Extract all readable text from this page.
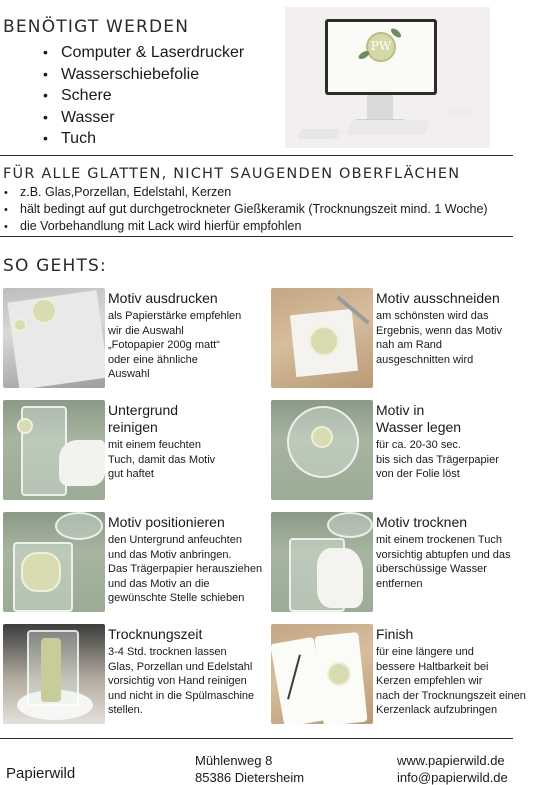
BENÖTIGT WERDEN
• Computer & Laserdrucker
• Wasserschiebefolie
• Schere
• Wasser
• Tuch
PW
FÜR ALLE GLATTEN, NICHT SAUGENDEN OBERFLÄCHEN
• z.B. Glas,Porzellan, Edelstahl, Kerzen
• hält bedingt auf gut durchgetrockneter Gießkeramik (Trocknungszeit mind. 1 Woche)
• die Vorbehandlung mit Lack wird hierfür empfohlen
SO GEHTS:
Motiv ausdrucken
als Papierstärke empfehlen
wir die Auswahl
„Fotopapier 200g matt“
oder eine ähnliche
Auswahl
Motiv ausschneiden
am schönsten wird das
Ergebnis, wenn das Motiv
nah am Rand
ausgeschnitten wird
Untergrund
reinigen
mit einem feuchten
Tuch, damit das Motiv
gut haftet
Motiv in
Wasser legen
für ca. 20-30 sec.
bis sich das Trägerpapier
von der Folie löst
Motiv positionieren
den Untergrund anfeuchten
und das Motiv anbringen.
Das Trägerpapier herausziehen
und das Motiv an die
gewünschte Stelle schieben
Motiv trocknen
mit einem trockenen Tuch
vorsichtig abtupfen und das
überschüssige Wasser
entfernen
Trocknungszeit
3-4 Std. trocknen lassen
Glas, Porzellan und Edelstahl
vorsichtig von Hand reinigen
und nicht in die Spülmaschine
stellen.
Finish
für eine längere und
bessere Haltbarkeit bei
Kerzen empfehlen wir
nach der Trocknungszeit einen
Kerzenlack aufzubringen
Papierwild
Mühlenweg 8
85386 Dietersheim
www.papierwild.de
info@papierwild.de
